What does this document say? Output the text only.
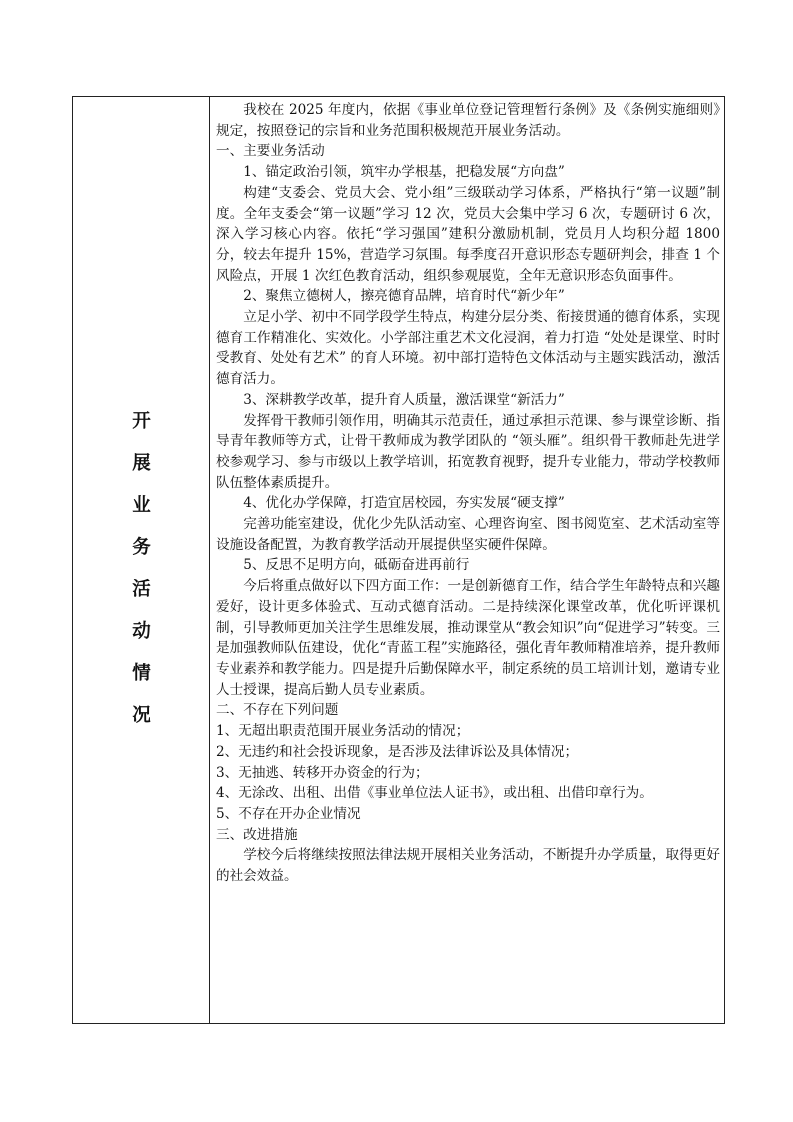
开
展
业
务
活
动
情
况

我校在 2025 年度内，依据《事业单位登记管理暂行条例》及《条例实施细则》规定，按照登记的宗旨和业务范围积极规范开展业务活动。

一、主要业务活动

1、锚定政治引领，筑牢办学根基，把稳发展“方向盘”

构建“支委会、党员大会、党小组”三级联动学习体系，严格执行“第一议题”制度。全年支委会“第一议题”学习 12 次，党员大会集中学习 6 次，专题研讨 6 次，深入学习核心内容。依托“学习强国”建积分激励机制，党员月人均积分超 1800 分，较去年提升 15%，营造学习氛围。每季度召开意识形态专题研判会，排查 1 个风险点，开展 1 次红色教育活动，组织参观展览，全年无意识形态负面事件。

2、聚焦立德树人，擦亮德育品牌，培育时代“新少年”

立足小学、初中不同学段学生特点，构建分层分类、衔接贯通的德育体系，实现德育工作精准化、实效化。小学部注重艺术文化浸润，着力打造 “处处是课堂、时时受教育、处处有艺术” 的育人环境。初中部打造特色文体活动与主题实践活动，激活德育活力。

3、深耕教学改革，提升育人质量，激活课堂“新活力”

发挥骨干教师引领作用，明确其示范责任，通过承担示范课、参与课堂诊断、指导青年教师等方式，让骨干教师成为教学团队的 “领头雁”。组织骨干教师赴先进学校参观学习、参与市级以上教学培训，拓宽教育视野，提升专业能力，带动学校教师队伍整体素质提升。

4、优化办学保障，打造宜居校园，夯实发展“硬支撑”

完善功能室建设，优化少先队活动室、心理咨询室、图书阅览室、艺术活动室等设施设备配置，为教育教学活动开展提供坚实硬件保障。

5、反思不足明方向，砥砺奋进再前行

今后将重点做好以下四方面工作：一是创新德育工作，结合学生年龄特点和兴趣爱好，设计更多体验式、互动式德育活动。二是持续深化课堂改革，优化听评课机制，引导教师更加关注学生思维发展，推动课堂从“教会知识”向“促进学习”转变。三是加强教师队伍建设，优化“青蓝工程”实施路径，强化青年教师精准培养，提升教师专业素养和教学能力。四是提升后勤保障水平，制定系统的员工培训计划，邀请专业人士授课，提高后勤人员专业素质。

二、不存在下列问题

1、无超出职责范围开展业务活动的情况；

2、无违约和社会投诉现象，是否涉及法律诉讼及具体情况；

3、无抽逃、转移开办资金的行为；

4、无涂改、出租、出借《事业单位法人证书》，或出租、出借印章行为。

5、不存在开办企业情况

三、改进措施

学校今后将继续按照法律法规开展相关业务活动，不断提升办学质量，取得更好的社会效益。
